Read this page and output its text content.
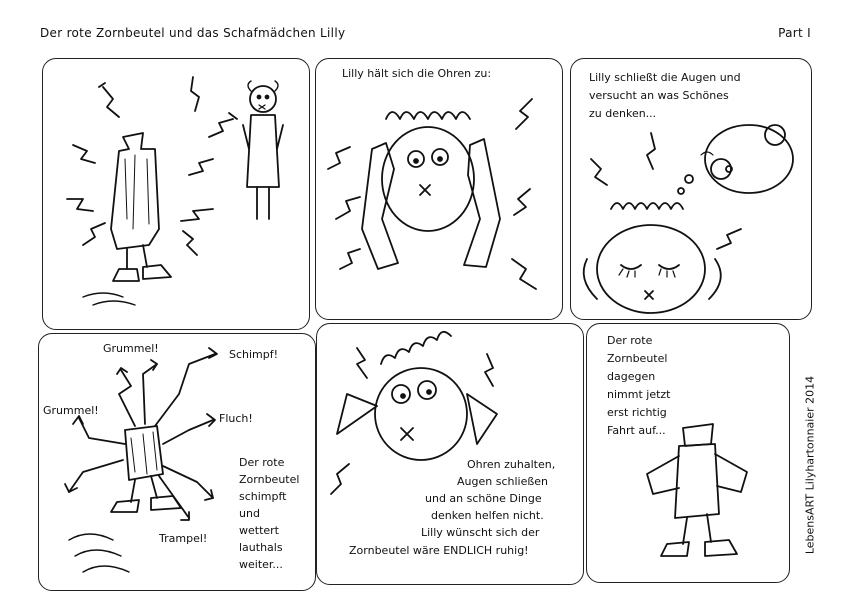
Der rote Zornbeutel und das Schafmädchen Lilly	Part I
Lilly hält sich die Ohren zu:	Lilly schließt die Augen und
versucht an was Schönes
zu denken...
Grummel!	Schimpf!
Grummel!
Fluch!
Trampel!
Der rote
Zornbeutel
schimpft
und
wettert
lauthals
weiter...
Ohren zuhalten,
Augen schließen
und an schöne Dinge
denken helfen nicht.
Lilly wünscht sich der
Zornbeutel wäre ENDLICH ruhig!
Der rote
Zornbeutel
dagegen
nimmt jetzt
erst richtig
Fahrt auf...	LebensART Lilyhartonnaier 2014
